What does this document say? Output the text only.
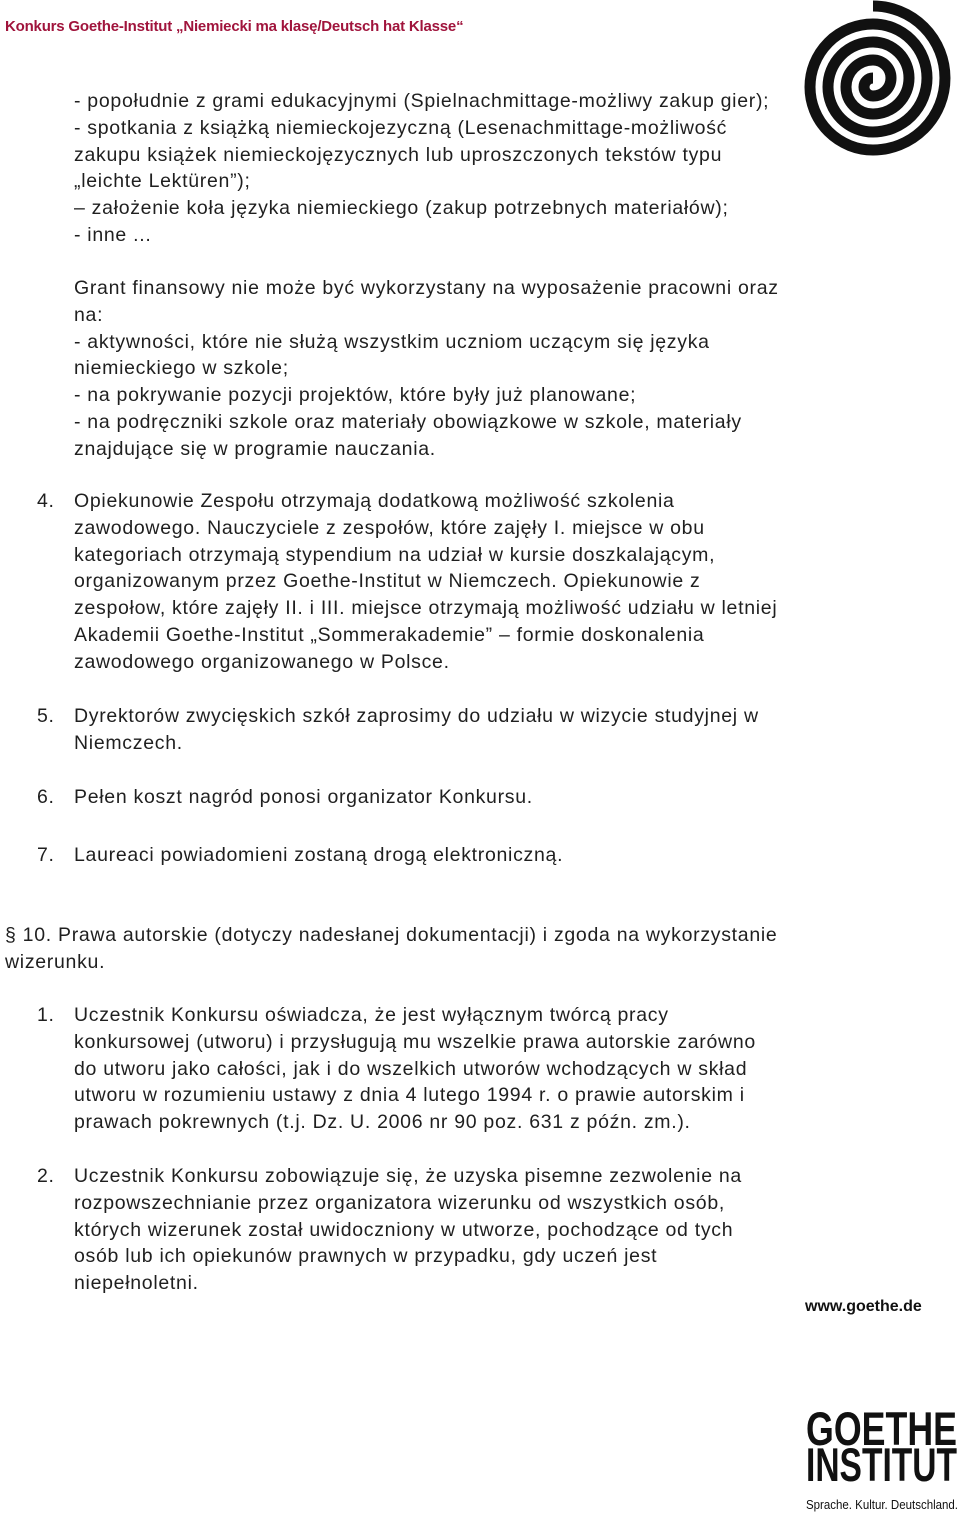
Konkurs Goethe-Institut „Niemiecki ma klasę/Deutsch hat Klasse“
- popołudnie z grami edukacyjnymi (Spielnachmittage-możliwy zakup gier);
- spotkania z książką niemieckojezyczną (Lesenachmittage-możliwość
zakupu książek niemieckojęzycznych lub uproszczonych tekstów typu
„leichte Lektüren”);
– założenie koła języka niemieckiego (zakup potrzebnych materiałów);
- inne ...
Grant finansowy nie może być wykorzystany na wyposażenie pracowni oraz
na:
- aktywności, które nie służą wszystkim uczniom uczącym się języka
niemieckiego w szkole;
- na pokrywanie pozycji projektów, które były już planowane;
- na podręczniki szkole oraz materiały obowiązkowe w szkole, materiały
znajdujące się w programie nauczania.
4. Opiekunowie Zespołu otrzymają dodatkową możliwość szkolenia
zawodowego. Nauczyciele z zespołów, które zajęły I. miejsce w obu
kategoriach otrzymają stypendium na udział w kursie doszkalającym,
organizowanym przez Goethe-Institut w Niemczech. Opiekunowie z
zespołow, które zajęły II. i III. miejsce otrzymają możliwość udziału w letniej
Akademii Goethe-Institut „Sommerakademie” – formie doskonalenia
zawodowego organizowanego w Polsce.
5. Dyrektorów zwycięskich szkół zaprosimy do udziału w wizycie studyjnej w
Niemczech.
6. Pełen koszt nagród ponosi organizator Konkursu.
7. Laureaci powiadomieni zostaną drogą elektroniczną.
§ 10. Prawa autorskie (dotyczy nadesłanej dokumentacji) i zgoda na wykorzystanie
wizerunku.
1. Uczestnik Konkursu oświadcza, że jest wyłącznym twórcą pracy
konkursowej (utworu) i przysługują mu wszelkie prawa autorskie zarówno
do utworu jako całości, jak i do wszelkich utworów wchodzących w skład
utworu w rozumieniu ustawy z dnia 4 lutego 1994 r. o prawie autorskim i
prawach pokrewnych (t.j. Dz. U. 2006 nr 90 poz. 631 z późn. zm.).
2. Uczestnik Konkursu zobowiązuje się, że uzyska pisemne zezwolenie na
rozpowszechnianie przez organizatora wizerunku od wszystkich osób,
których wizerunek został uwidoczniony w utworze, pochodzące od tych
osób lub ich opiekunów prawnych w przypadku, gdy uczeń jest
niepełnoletni.
www.goethe.de
GOETHE
INSTITUT
Sprache. Kultur. Deutschland.
